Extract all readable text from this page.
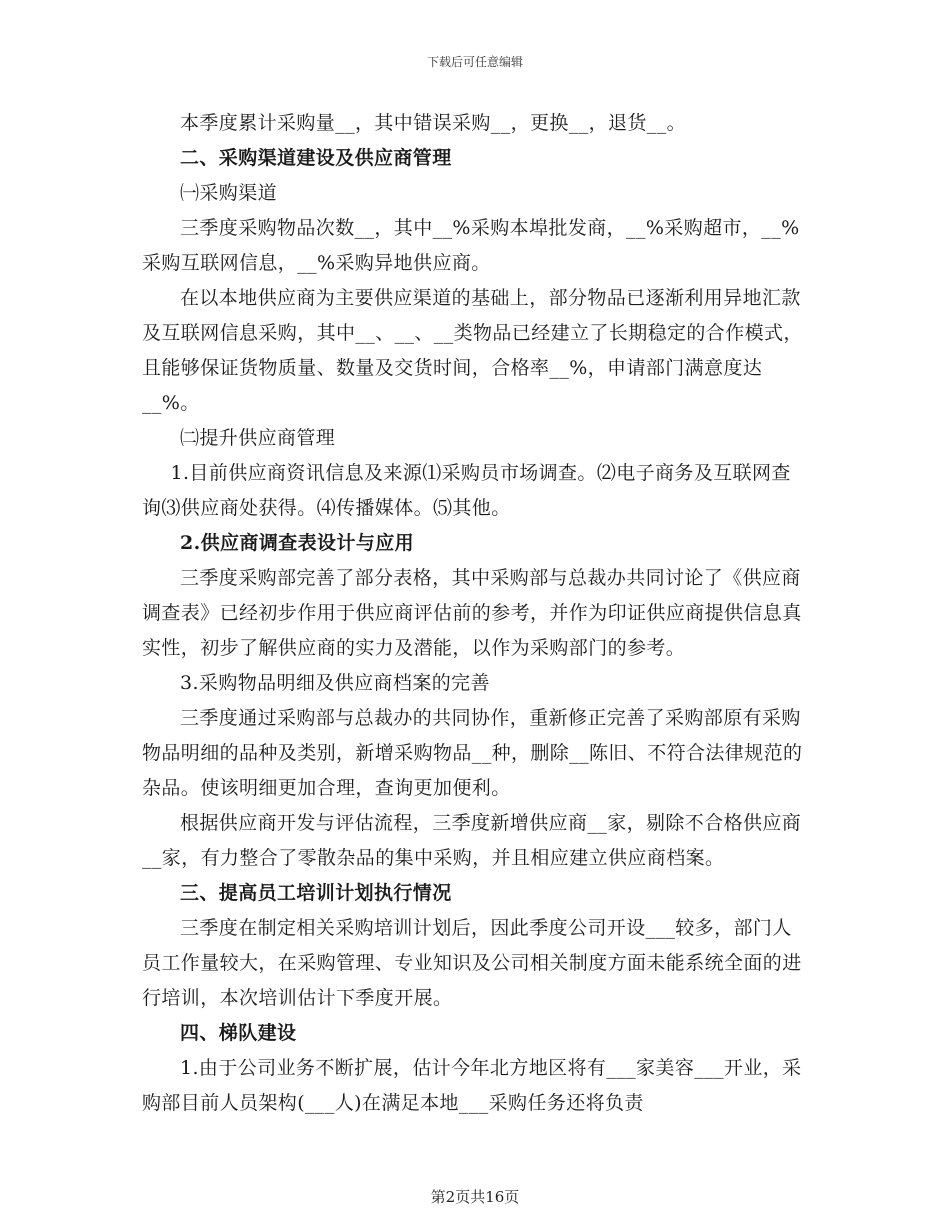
下载后可任意编辑

本季度累计采购量__，其中错误采购__，更换__，退货__。

二、采购渠道建设及供应商管理

㈠采购渠道

三季度采购物品次数__，其中__%采购本埠批发商，__%采购超市，__%采购互联网信息，__%采购异地供应商。

在以本地供应商为主要供应渠道的基础上，部分物品已逐渐利用异地汇款及互联网信息采购，其中__、__、__类物品已经建立了长期稳定的合作模式，且能够保证货物质量、数量及交货时间，合格率__%，申请部门满意度达__%。

㈡提升供应商管理

1.目前供应商资讯信息及来源⑴采购员市场调查。⑵电子商务及互联网查询⑶供应商处获得。⑷传播媒体。⑸其他。

2.供应商调查表设计与应用

三季度采购部完善了部分表格，其中采购部与总裁办共同讨论了《供应商调查表》已经初步作用于供应商评估前的参考，并作为印证供应商提供信息真实性，初步了解供应商的实力及潜能，以作为采购部门的参考。

3.采购物品明细及供应商档案的完善

三季度通过采购部与总裁办的共同协作，重新修正完善了采购部原有采购物品明细的品种及类别，新增采购物品__种，删除__陈旧、不符合法律规范的杂品。使该明细更加合理，查询更加便利。

根据供应商开发与评估流程，三季度新增供应商__家，剔除不合格供应商__家，有力整合了零散杂品的集中采购，并且相应建立供应商档案。

三、提高员工培训计划执行情况

三季度在制定相关采购培训计划后，因此季度公司开设___较多，部门人员工作量较大，在采购管理、专业知识及公司相关制度方面未能系统全面的进行培训，本次培训估计下季度开展。

四、梯队建设

1.由于公司业务不断扩展，估计今年北方地区将有___家美容___开业，采购部目前人员架构(___人)在满足本地___采购任务还将负责

第2页共16页
